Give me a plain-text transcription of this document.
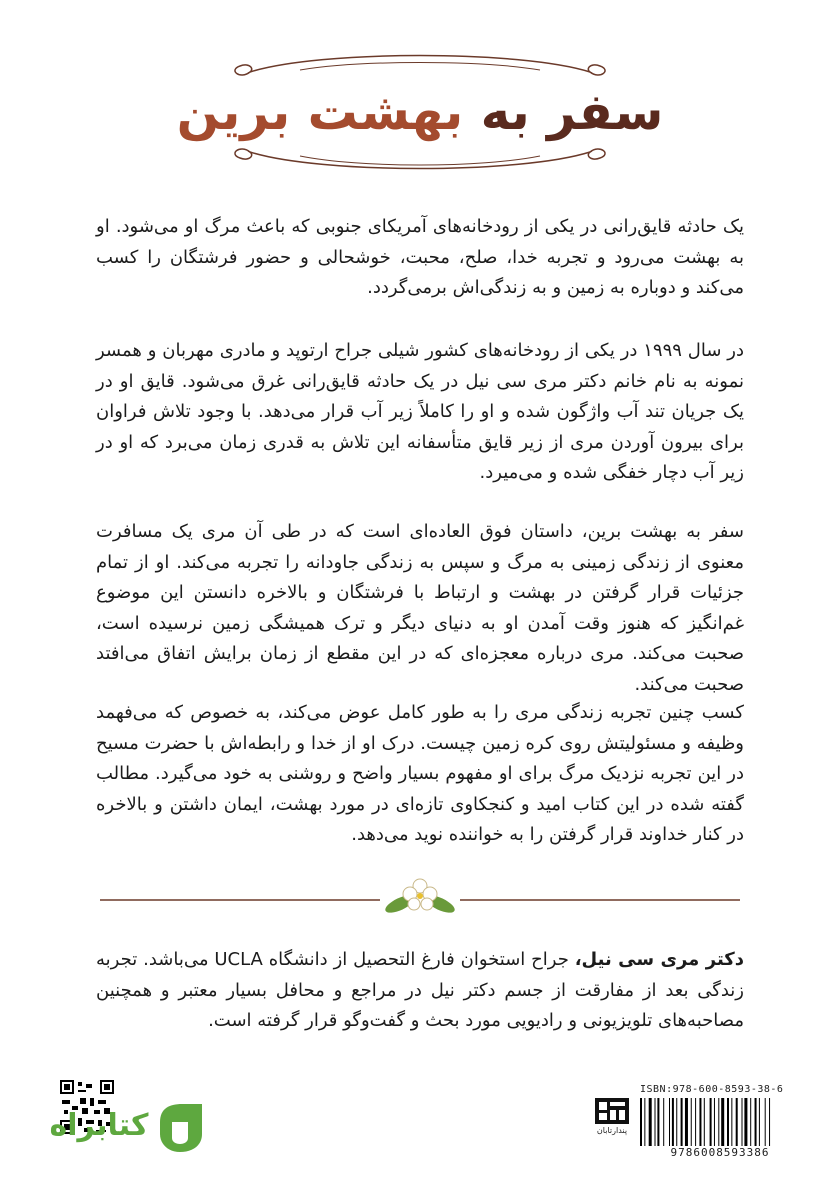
سفر به بهشت برین

یک حادثه قایق‌رانی در یکی از رودخانه‌های آمریکای جنوبی که باعث مرگ او می‌شود. او به بهشت می‌رود و تجربه خدا، صلح، محبت، خوشحالی و حضور فرشتگان را کسب می‌کند و دوباره به زمین و به زندگی‌اش برمی‌گردد.

در سال ۱۹۹۹ در یکی از رودخانه‌های کشور شیلی جراح ارتوپد و مادری مهربان و همسر نمونه به نام خانم دکتر مری سی نیل در یک حادثه قایق‌رانی غرق می‌شود. قایق او در یک جریان تند آب واژگون شده و او را کاملاً زیر آب قرار می‌دهد. با وجود تلاش فراوان برای بیرون آوردن مری از زیر قایق متأسفانه این تلاش به قدری زمان می‌برد که او در زیر آب دچار خفگی شده و می‌میرد.

سفر به بهشت برین، داستان فوق العاده‌ای است که در طی آن مری یک مسافرت معنوی از زندگی زمینی به مرگ و سپس به زندگی جاودانه را تجربه می‌کند. او از تمام جزئیات قرار گرفتن در بهشت و ارتباط با فرشتگان و بالاخره دانستن این موضوع غم‌انگیز که هنوز وقت آمدن او به دنیای دیگر و ترک همیشگی زمین نرسیده است، صحبت می‌کند. مری درباره معجزه‌ای که در این مقطع از زمان برایش اتفاق می‌افتد صحبت می‌کند.

کسب چنین تجربه زندگی مری را به طور کامل عوض می‌کند، به خصوص که می‌فهمد وظیفه و مسئولیتش روی کره زمین چیست. درک او از خدا و رابطه‌اش با حضرت مسیح در این تجربه نزدیک مرگ برای او مفهوم بسیار واضح و روشنی به خود می‌گیرد. مطالب گفته شده در این کتاب امید و کنجکاوی تازه‌ای در مورد بهشت، ایمان داشتن و بالاخره در کنار خداوند قرار گرفتن را به خواننده نوید می‌دهد.

دکتر مری سی نیل، جراح استخوان فارغ التحصیل از دانشگاه UCLA می‌باشد. تجربه زندگی بعد از مفارقت از جسم دکتر نیل در مراجع و محافل بسیار معتبر و همچنین مصاحبه‌های تلویزیونی و رادیویی مورد بحث و گفت‌وگو قرار گرفته است.

کتابراه	پندارتابان
ISBN:978-600-8593-38-6
9786008593386
